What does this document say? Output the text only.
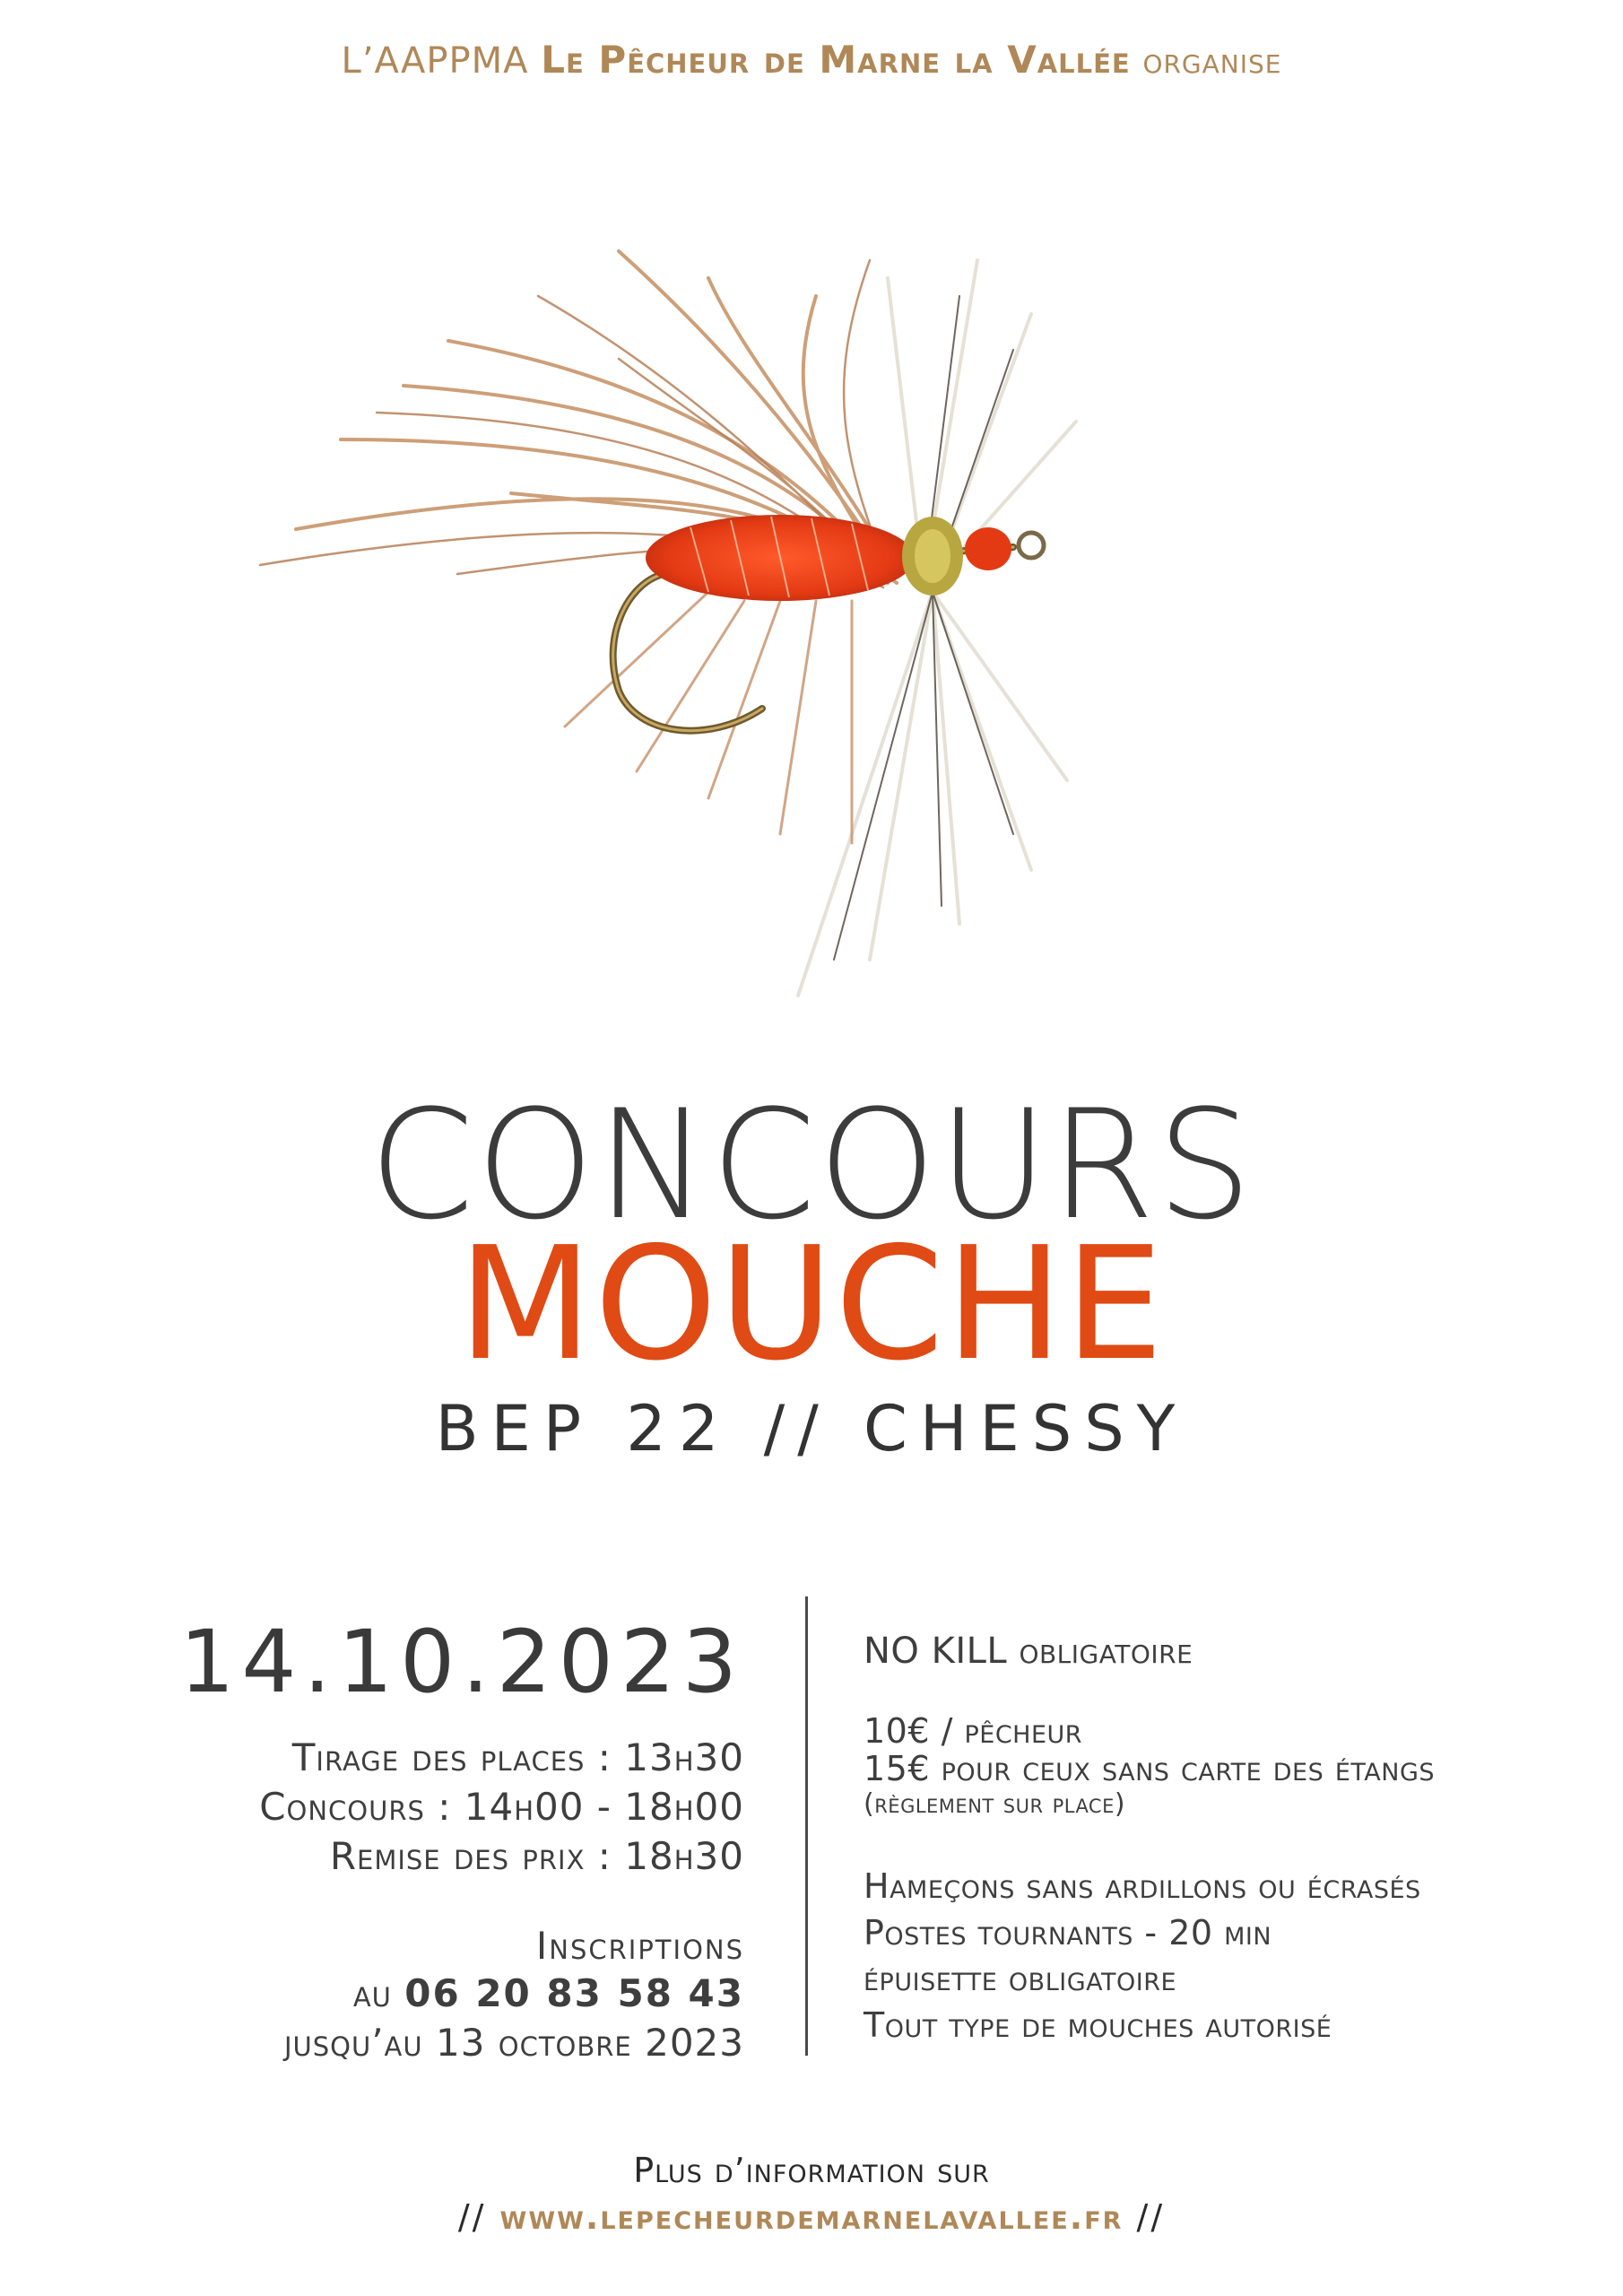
L’AAPPMA Le Pêcheur de Marne la Vallée organise
CONCOURS
MOUCHE
BEP 22 // CHESSY
14.10.2023
Tirage des places : 13h30
Concours : 14h00 - 18h00
Remise des prix : 18h30
Inscriptions
au 06 20 83 58 43
jusqu’au 13 octobre 2023
NO KILL obligatoire
10€ / pêcheur
15€ pour ceux sans carte des étangs
(règlement sur place)
Hameçons sans ardillons ou écrasés
Postes tournants - 20 min
épuisette obligatoire
Tout type de mouches autorisé
Plus d’information sur
// www.lepecheurdemarnelavallee.fr //
